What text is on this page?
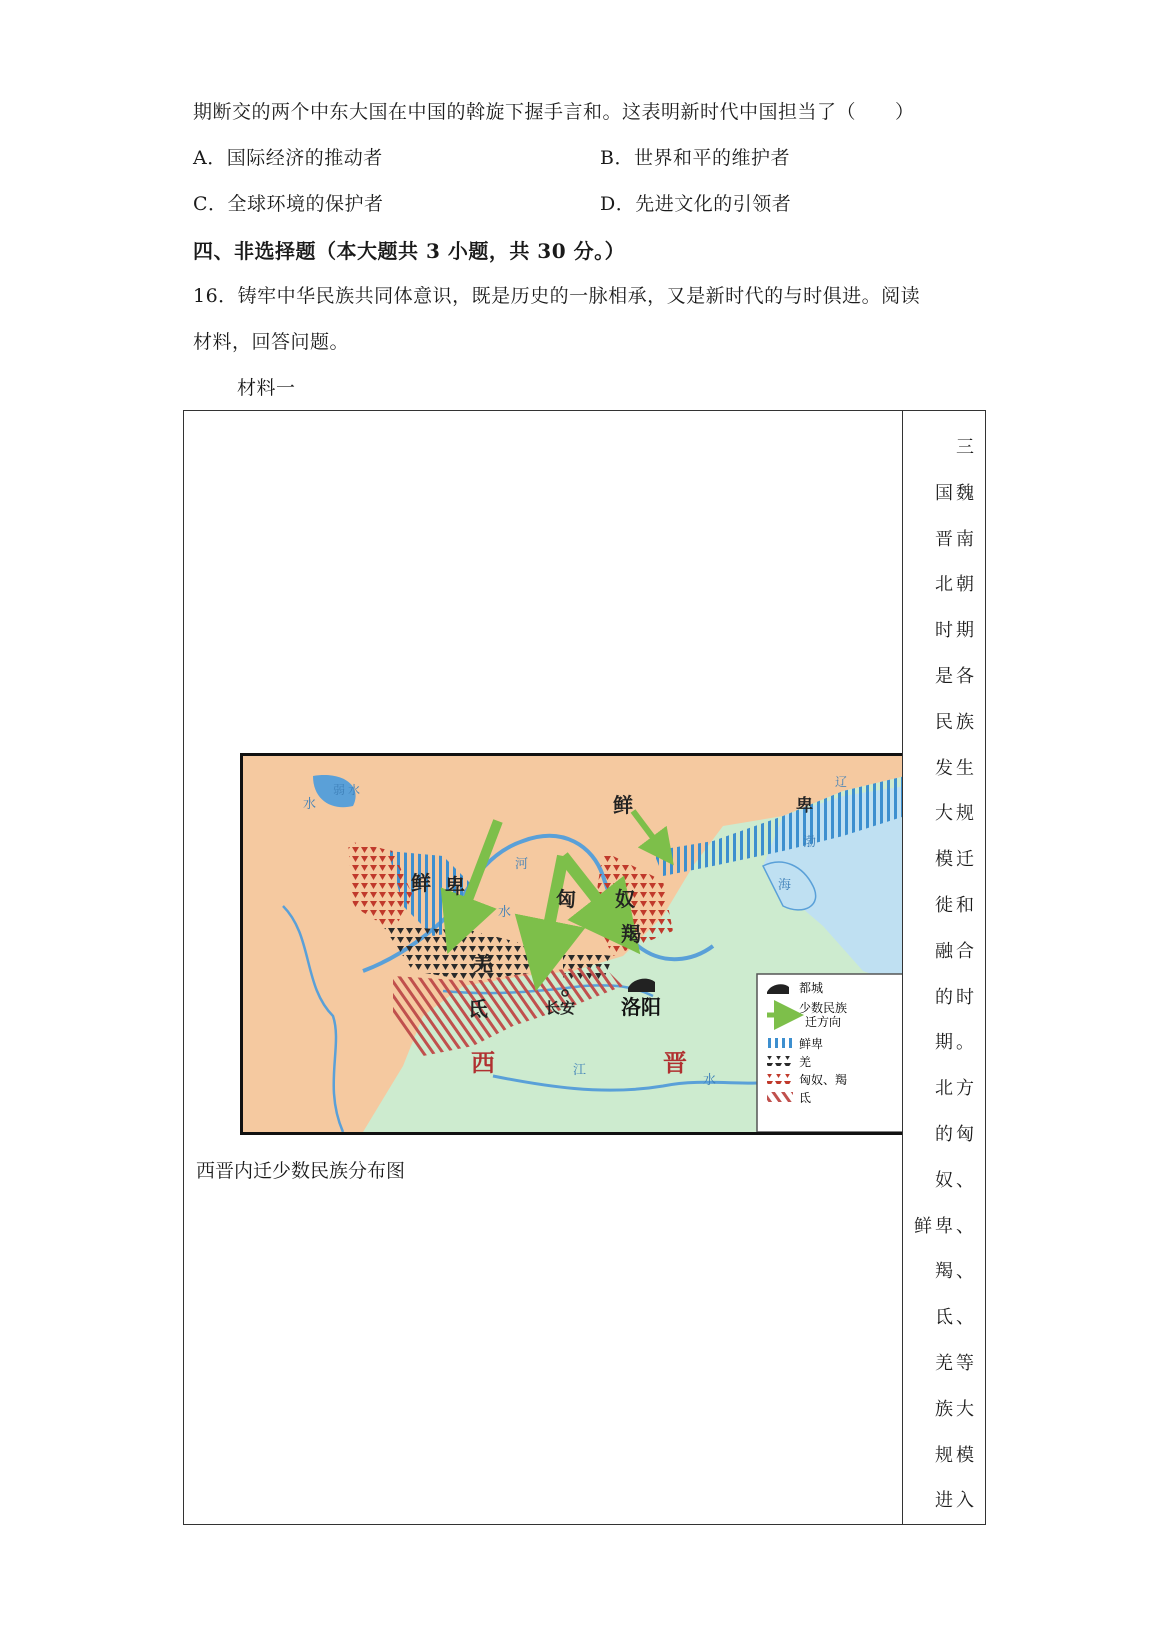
期断交的两个中东大国在中国的斡旋下握手言和。这表明新时代中国担当了（　　）
A．国际经济的推动者	B．世界和平的维护者
C．全球环境的保护者	D．先进文化的引领者
四、非选择题（本大题共 3 小题，共 30 分。）
16．铸牢中华民族共同体意识，既是历史的一脉相承，又是新时代的与时俱进。阅读
材料，回答问题。
材料一
鲜	卑
鲜 卑
匈 奴
羯
羌
氐	长安 洛阳
西	晋
河
水
水
江
水
渤
海
弱 水
辽
都城
少数民族
迁方向
鲜卑
羌
匈奴、羯
氐
西晋内迁少数民族分布图
三
国魏
晋南
北朝
时期
是各
民族
发生
大规
模迁
徙和
融合
的时
期。
北方
的匈
奴、
鲜卑、
羯、
氐、
羌等
族大
规模
进入
